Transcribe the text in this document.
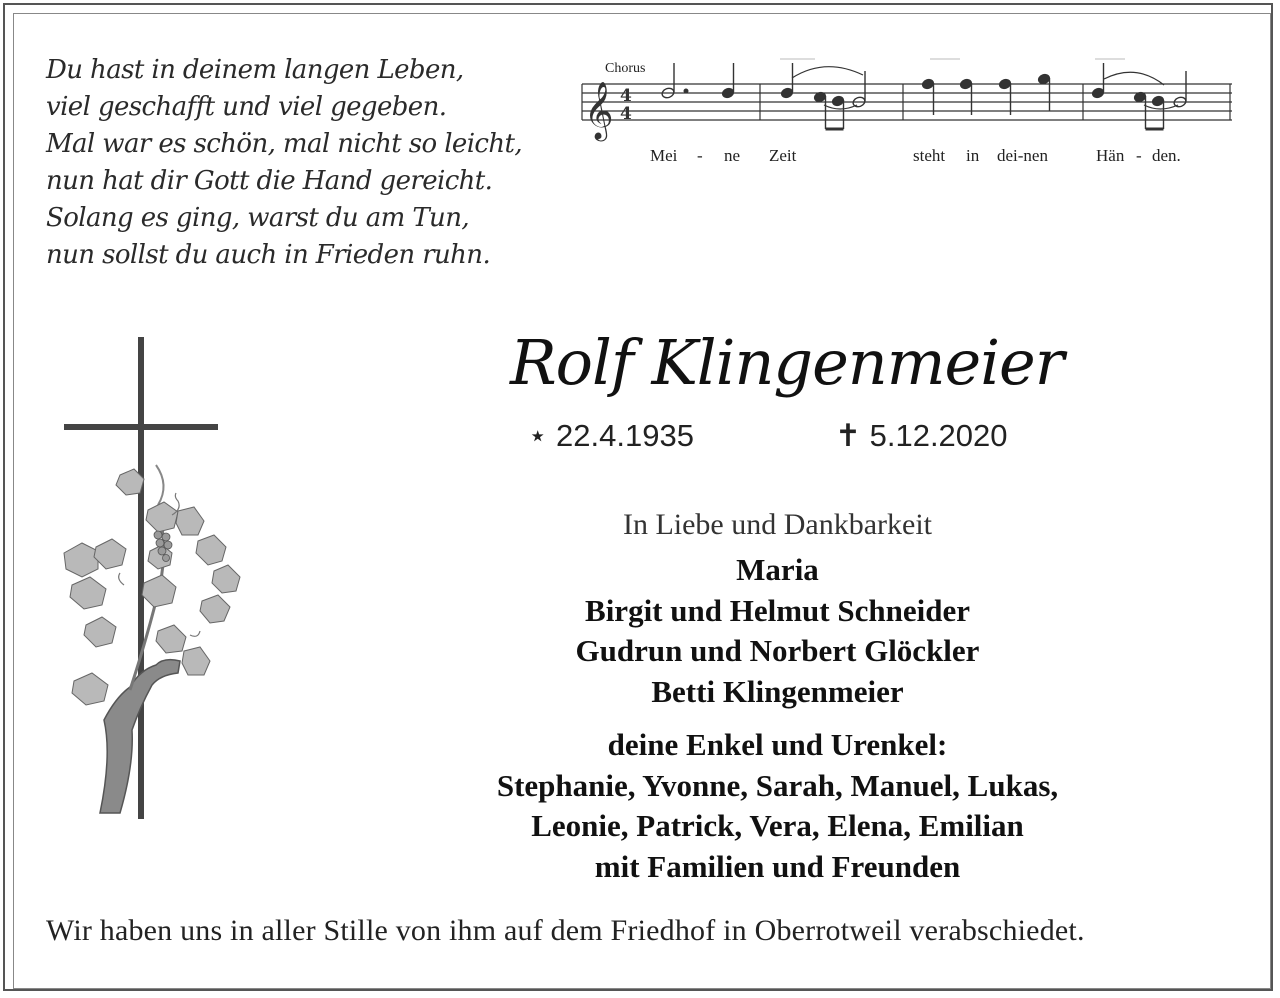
Du hast in deinem langen Leben,
viel geschafft und viel gegeben.
Mal war es schön, mal nicht so leicht,
nun hat dir Gott die Hand gereicht.
Solang es ging, warst du am Tun,
nun sollst du auch in Frieden ruhn.
𝄞 4
4
Chorus
Mei - ne Zeit	steht in dei-nen	Hän - den.
Rolf Klingenmeier
⋆ 22.4.1935	✝ 5.12.2020
In Liebe und Dankbarkeit
Maria
Birgit und Helmut Schneider
Gudrun und Norbert Glöckler
Betti Klingenmeier
deine Enkel und Urenkel:
Stephanie, Yvonne, Sarah, Manuel, Lukas,
Leonie, Patrick, Vera, Elena, Emilian
mit Familien und Freunden
Wir haben uns in aller Stille von ihm auf dem Friedhof in Oberrotweil verabschiedet.
